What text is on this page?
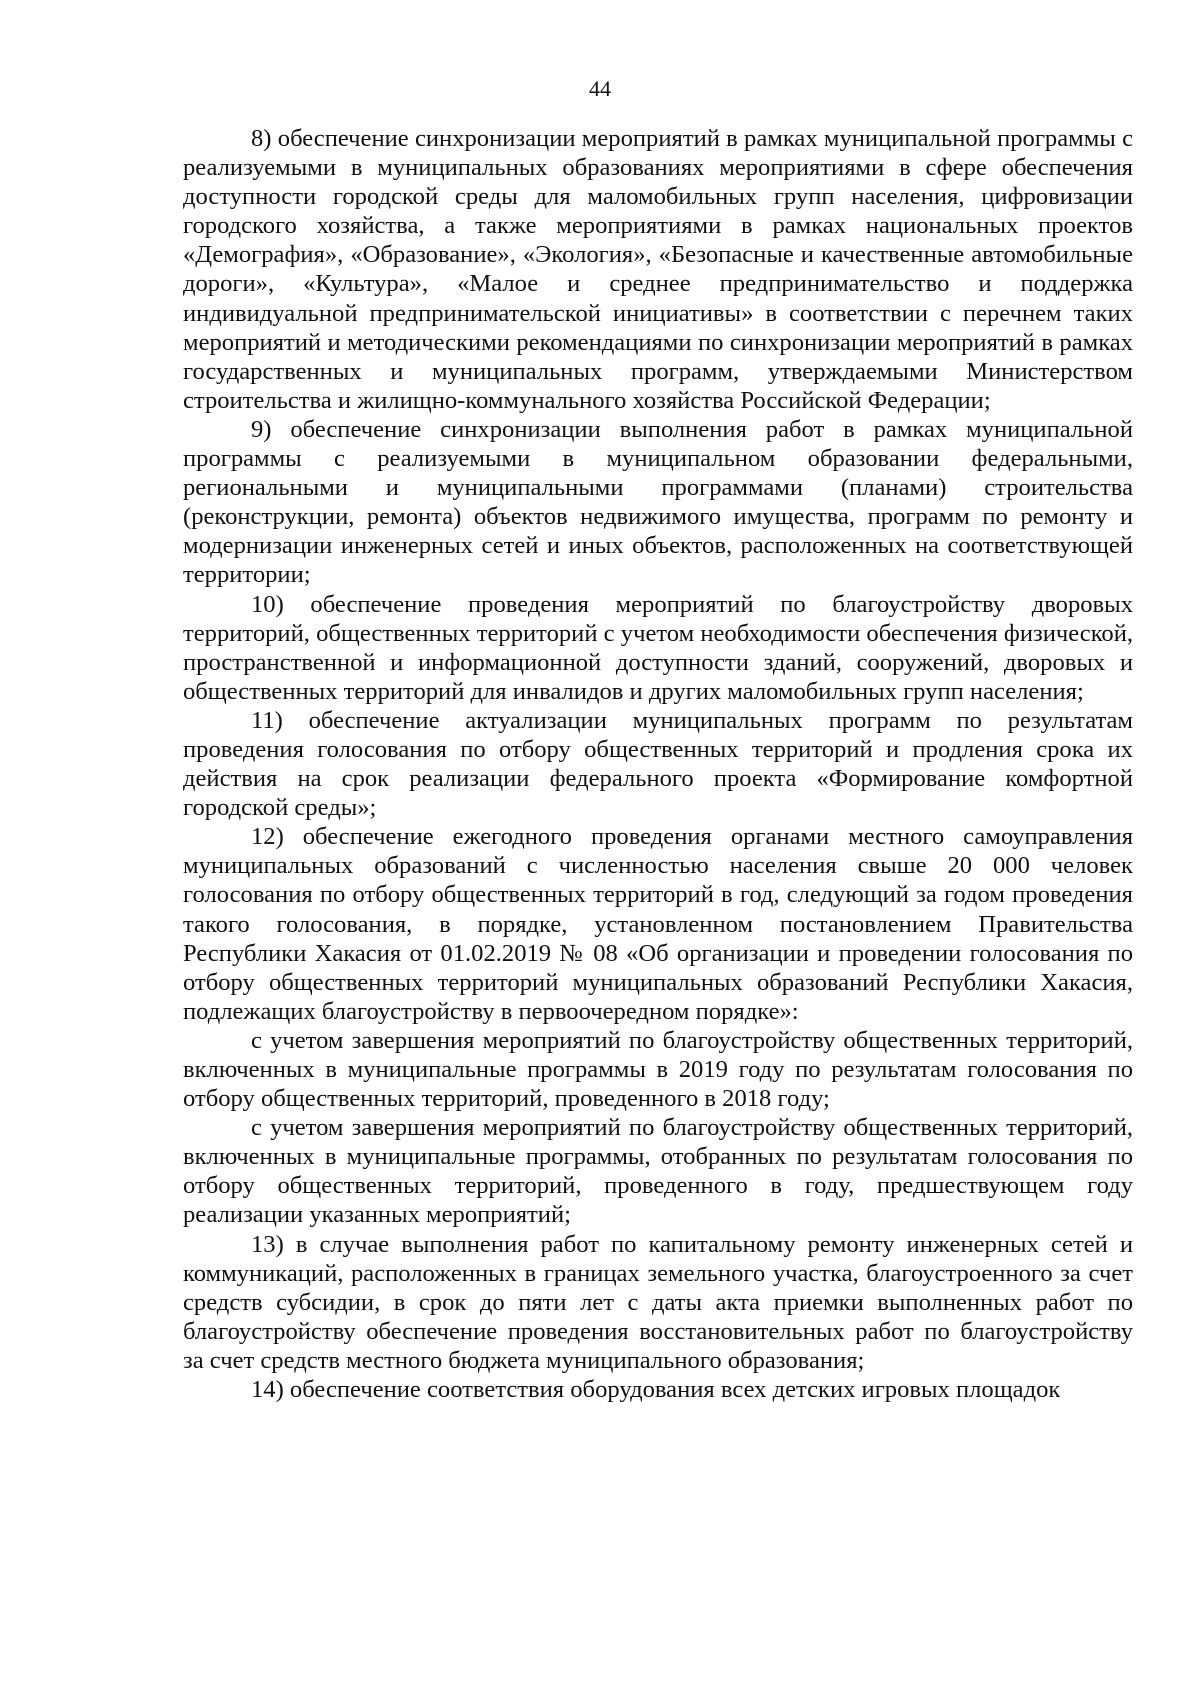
44

8) обеспечение синхронизации мероприятий в рамках муниципальной программы с реализуемыми в муниципальных образованиях мероприятиями в сфере обеспечения доступности городской среды для маломобильных групп населения, цифровизации городского хозяйства, а также мероприятиями в рамках национальных проектов «Демография», «Образование», «Экология», «Безопасные и качественные автомобильные дороги», «Культура», «Малое и среднее предпринимательство и поддержка индивидуальной предпринимательской инициативы» в соответствии с перечнем таких мероприятий и методическими рекомендациями по синхронизации мероприятий в рамках государственных и муниципальных программ, утверждаемыми Министерством строительства и жилищно-коммунального хозяйства Российской Федерации;

9) обеспечение синхронизации выполнения работ в рамках муниципальной программы с реализуемыми в муниципальном образовании федеральными, региональными и муниципальными программами (планами) строительства (реконструкции, ремонта) объектов недвижимого имущества, программ по ремонту и модернизации инженерных сетей и иных объектов, расположенных на соответствующей территории;

10) обеспечение проведения мероприятий по благоустройству дворовых территорий, общественных территорий с учетом необходимости обеспечения физической, пространственной и информационной доступности зданий, сооружений, дворовых и общественных территорий для инвалидов и других маломобильных групп населения;

11) обеспечение актуализации муниципальных программ по результатам проведения голосования по отбору общественных территорий и продления срока их действия на срок реализации федерального проекта «Формирование комфортной городской среды»;

12) обеспечение ежегодного проведения органами местного самоуправления муниципальных образований с численностью населения свыше 20 000 человек голосования по отбору общественных территорий в год, следующий за годом проведения такого голосования, в порядке, установленном постановлением Правительства Республики Хакасия от 01.02.2019 № 08 «Об организации и проведении голосования по отбору общественных территорий муниципальных образований Республики Хакасия, подлежащих благоустройству в первоочередном порядке»:

с учетом завершения мероприятий по благоустройству общественных территорий, включенных в муниципальные программы в 2019 году по результатам голосования по отбору общественных территорий, проведенного в 2018 году;

с учетом завершения мероприятий по благоустройству общественных территорий, включенных в муниципальные программы, отобранных по результатам голосования по отбору общественных территорий, проведенного в году, предшествующем году реализации указанных мероприятий;

13) в случае выполнения работ по капитальному ремонту инженерных сетей и коммуникаций, расположенных в границах земельного участка, благоустроенного за счет средств субсидии, в срок до пяти лет с даты акта приемки выполненных работ по благоустройству обеспечение проведения восстановительных работ по благоустройству за счет средств местного бюджета муниципального образования;

14) обеспечение соответствия оборудования всех детских игровых площадок
